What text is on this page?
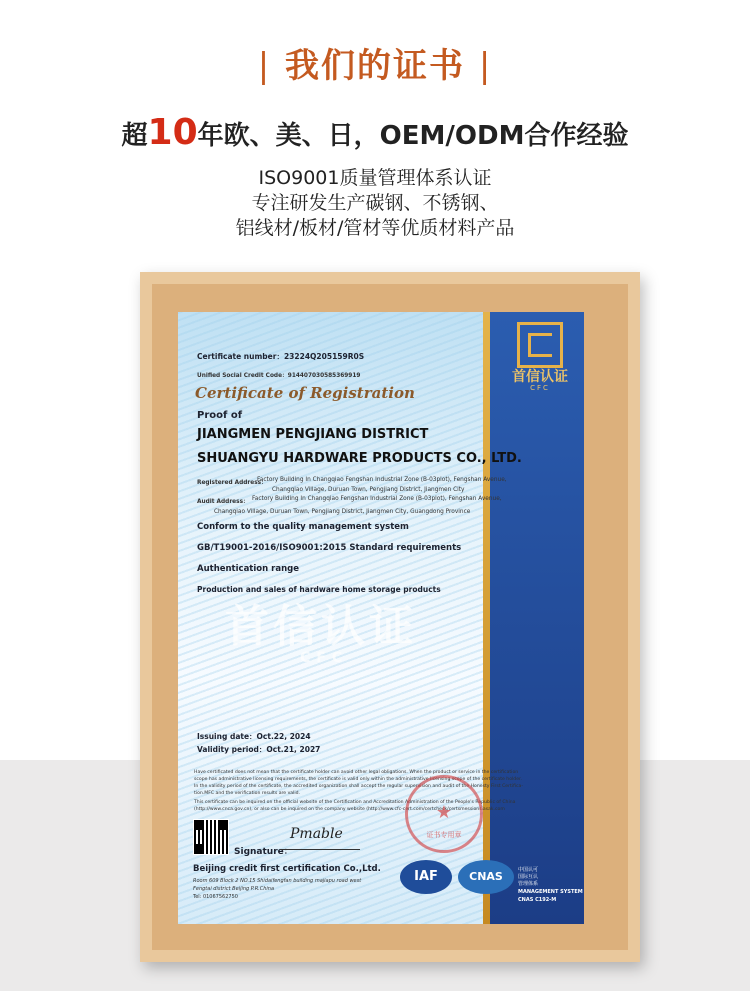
| 我们的证书 |
超10年欧、美、日，OEM/ODM合作经验
ISO9001质量管理体系认证
专注研发生产碳钢、不锈钢、
铝线材/板材/管材等优质材料产品
首信认证
CFC
首信认证
CFC
Certificate number：23224Q205159R0S
Unified Social Credit Code：914407030585369919
Certificate of Registration
Proof of
JIANGMEN PENGJIANG DISTRICT
SHUANGYU HARDWARE PRODUCTS CO., LTD.
Registered Address：
Factory Building In Changqiao Fengshan Industrial Zone (B-03plot), Fengshan Avenue,
Changqiao Village, Duruan Town, Pengjiang District, Jiangmen City
Audit Address： Factory Building In Changqiao Fengshan Industrial Zone (B-03plot), Fengshan Avenue,
Changqiao Village, Duruan Town, Pengjiang District, Jiangmen City, Guangdong Province
Conform to the quality management system
GB/T19001-2016/ISO9001:2015 Standard requirements
Authentication range
Production and sales of hardware home storage products
Issuing date：Oct.22, 2024
Validity period：Oct.21, 2027
Have certificated does not mean that the certificate holder can avoid other legal obligations. When the product or service in the certification
scope has administrative licensing requirements, the certificate is valid only within the administrative licensing scope of the certificate holder.
In the validity period of the certificate, the accredited organization shall accept the regular supervision and audit of the Honesty First Certifica-
tion.MFC and the verification results are valid.
This certificate can be inquired on the official website of the Certification and Accreditation Administration of the People's Republic of China
(http://www.cnca.gov.cn), or also can be inquired on the company website (http://www.cfc-cert.com/certcheck/certsmessionsiasak.com
★
证书专用章
Signature：
Pmable
Beijing credit first certification Co.,Ltd.
Room 609 Block 2 NO.15 Shidaifengfan building majiapu road west
Fengtai district Beijing P.R.China
Tel: 01067562750
IAF	CNAS	中国认可
国际互认
管理体系
MANAGEMENT SYSTEM
CNAS C192-M
